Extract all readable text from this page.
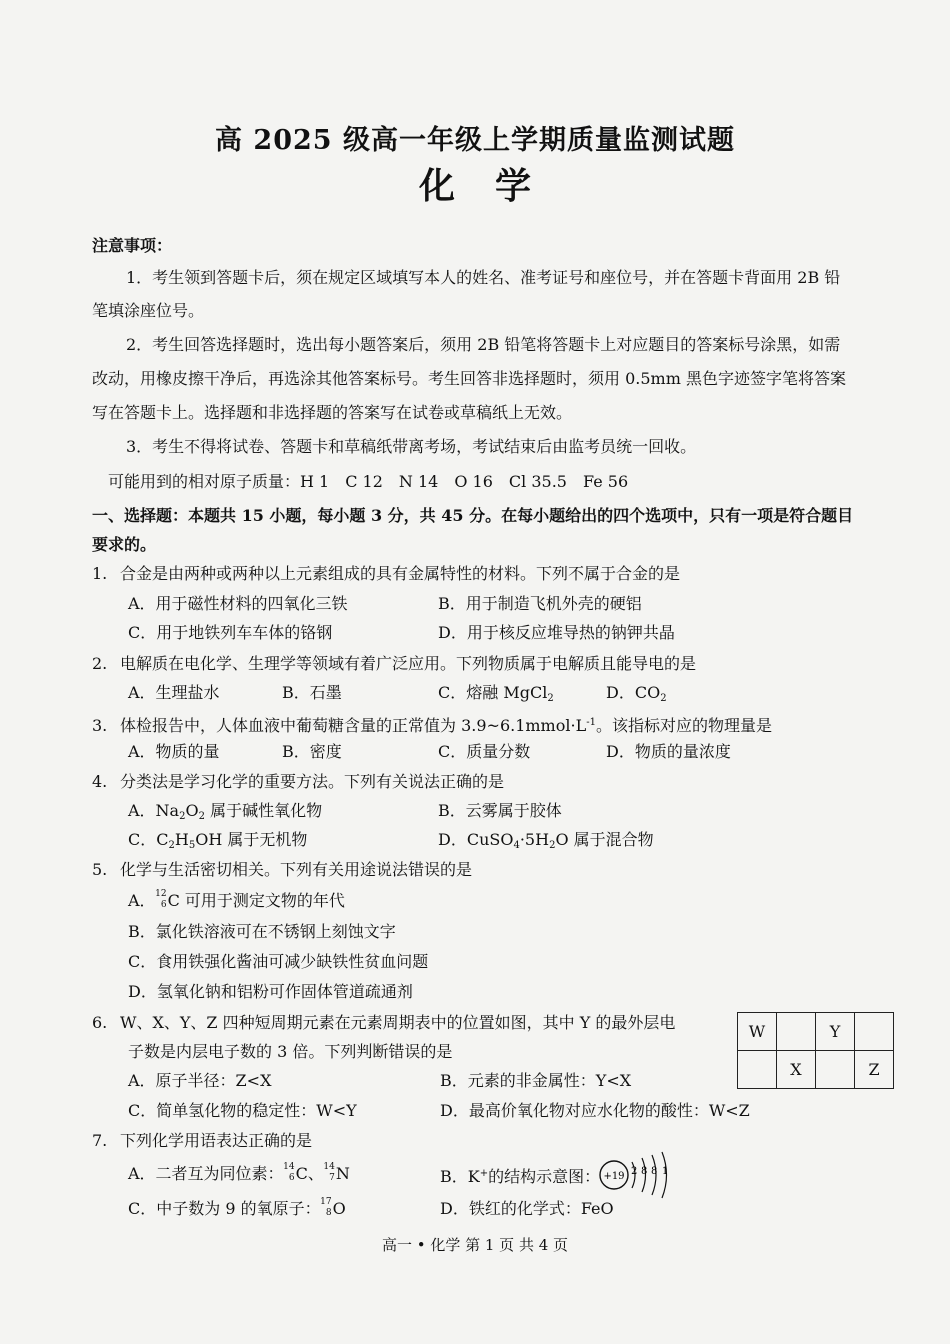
高 2025 级高一年级上学期质量监测试题
化学
注意事项：
1．考生领到答题卡后，须在规定区域填写本人的姓名、准考证号和座位号，并在答题卡背面用 2B 铅
笔填涂座位号。
2．考生回答选择题时，选出每小题答案后，须用 2B 铅笔将答题卡上对应题目的答案标号涂黑，如需
改动，用橡皮擦干净后，再选涂其他答案标号。考生回答非选择题时，须用 0.5mm 黑色字迹签字笔将答案
写在答题卡上。选择题和非选择题的答案写在试卷或草稿纸上无效。
3．考生不得将试卷、答题卡和草稿纸带离考场，考试结束后由监考员统一回收。
可能用到的相对原子质量：H 1　C 12　N 14　O 16　Cl 35.5　Fe 56
一、选择题：本题共 15 小题，每小题 3 分，共 45 分。在每小题给出的四个选项中，只有一项是符合题目
要求的。
1. 合金是由两种或两种以上元素组成的具有金属特性的材料。下列不属于合金的是
A．用于磁性材料的四氧化三铁	B．用于制造飞机外壳的硬铝
C．用于地铁列车车体的铬钢	D．用于核反应堆导热的钠钾共晶
2. 电解质在电化学、生理学等领域有着广泛应用。下列物质属于电解质且能导电的是
A．生理盐水	B．石墨	C．熔融 MgCl$_2$	D．$CO_2$
3. 体检报告中，人体血液中葡萄糖含量的正常值为 $3.9\sim 6.1mmol\cdot L^{-1}$。该指标对应的物理量是
A．物质的量	B．密度	C．质量分数	D．物质的量浓度
4. 分类法是学习化学的重要方法。下列有关说法正确的是
A．$Na_2O_2$ 属于碱性氧化物	B．云雾属于胶体
C．$C_2H_5OH$ 属于无机物	D．$CuSO_4\cdot 5H_2O$ 属于混合物
5. 化学与生活密切相关。下列有关用途说法错误的是
A． 12
6 C 可用于测定文物的年代
B．氯化铁溶液可在不锈钢上刻蚀文字
C．食用铁强化酱油可减少缺铁性贫血问题
D．氢氧化钠和铝粉可作固体管道疏通剂
6. W、X、Y、Z 四种短周期元素在元素周期表中的位置如图，其中 Y 的最外层电
子数是内层电子数的 3 倍。下列判断错误的是
A．原子半径：Z<X	B．元素的非金属性：Y<X
C．简单氢化物的稳定性：W<Y	D．最高价氧化物对应水化物的酸性：W<Z
W		Y	
	X		Z
7. 下列化学用语表达正确的是
A．二者互为同位素： 14
6 C、 14
7 N	B．K+的结构示意图： +19 2 8 8 1
C．中子数为 9 的氧原子： 17
8 O	D．铁红的化学式：FeO
高一 • 化学 第 1 页 共 4 页
